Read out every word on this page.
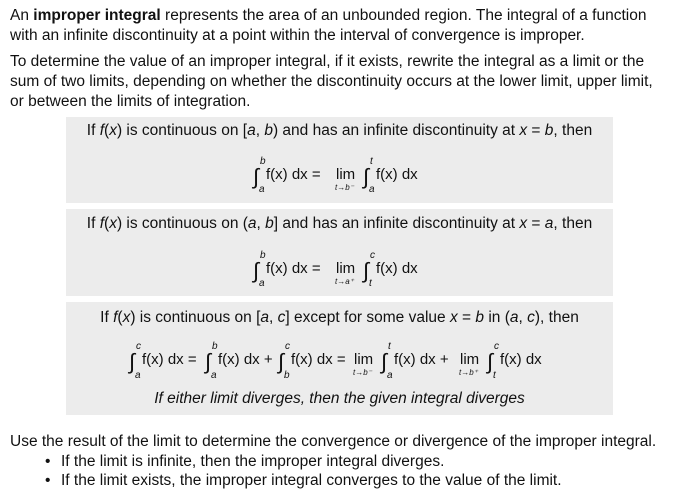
An improper integral represents the area of an unbounded region. The integral of a function
with an infinite discontinuity at a point within the interval of convergence is improper.

To determine the value of an improper integral, if it exists, rewrite the integral as a limit or the
sum of two limits, depending on whether the discontinuity occurs at the lower limit, upper limit,
or between the limits of integration.

If f(x) is continuous on [a, b) and has an infinite discontinuity at x = b, then
∫
b
a
f(x) dx = lim
t→b⁻ ∫
t
a
f(x) dx
If f(x) is continuous on (a, b] and has an infinite discontinuity at x = a, then
∫
b
a
f(x) dx = lim
t→a⁺ ∫
c
t
f(x) dx
If f(x) is continuous on [a, c] except for some value x = b in (a, c), then
∫
c
a
f(x) dx = ∫
b
a
f(x) dx + ∫
c
b
f(x) dx = lim
t→b⁻ ∫
t
a
f(x) dx + lim
t→b⁺ ∫
c
t
f(x) dx
If either limit diverges, then the given integral diverges

Use the result of the limit to determine the convergence or divergence of the improper integral.

• If the limit is infinite, then the improper integral diverges.
• If the limit exists, the improper integral converges to the value of the limit.
